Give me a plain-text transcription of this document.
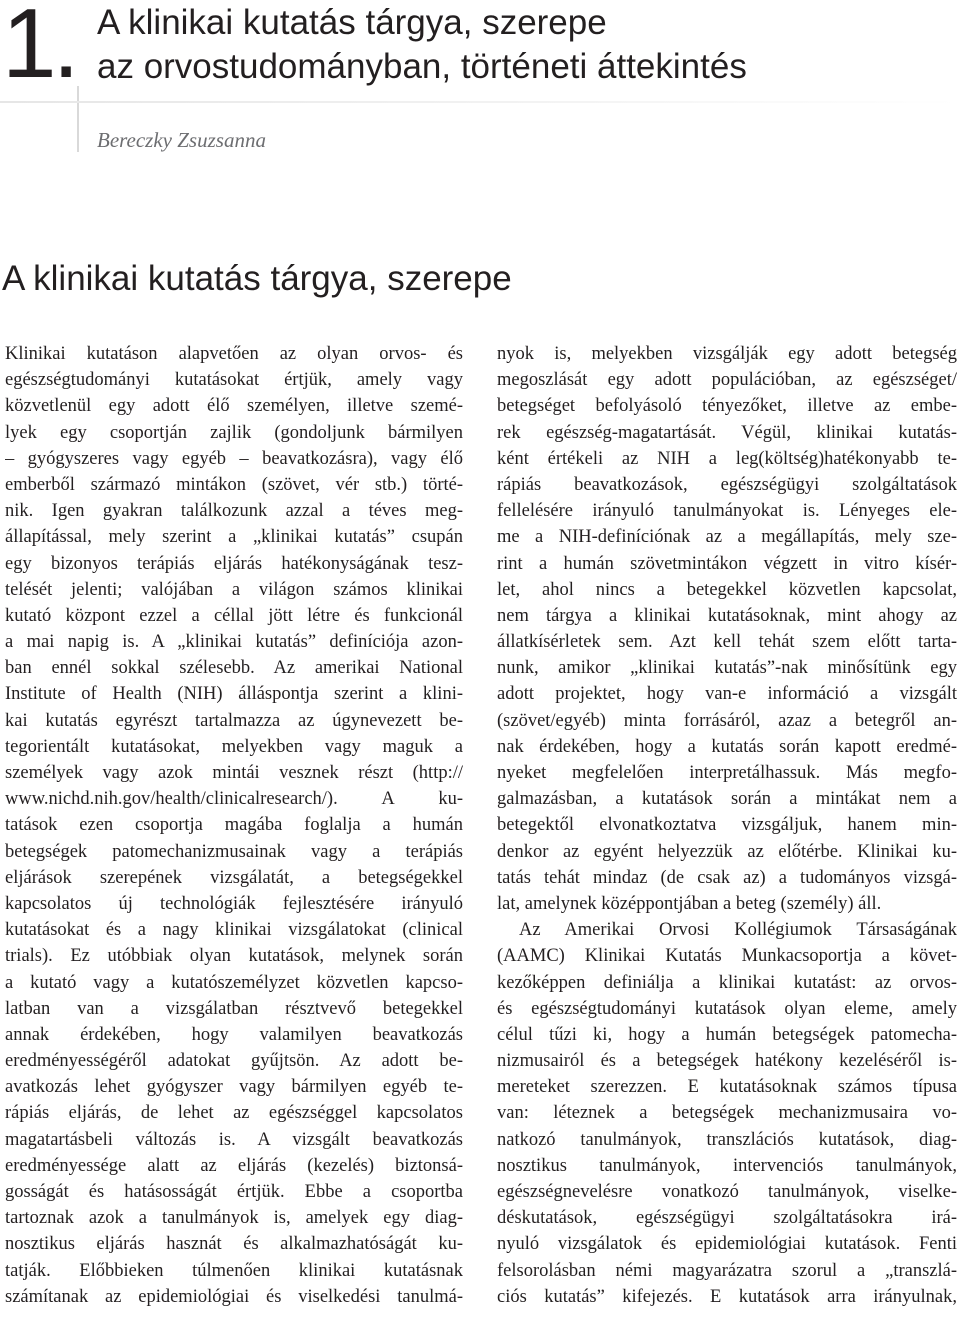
1. A klinikai kutatás tárgya, szerepe
az orvostudományban, történeti áttekintés
Bereczky Zsuzsanna
A klinikai kutatás tárgya, szerepe
Klinikai kutatáson alapvetően az olyan orvos- és
egészségtudományi kutatásokat értjük, amely vagy
közvetlenül egy adott élő személyen, illetve szemé-
lyek egy csoportján zajlik (gondoljunk bármilyen
– gyógyszeres vagy egyéb – beavatkozásra), vagy élő
emberből származó mintákon (szövet, vér stb.) törté-
nik. Igen gyakran találkozunk azzal a téves meg-
állapítással, mely szerint a „klinikai kutatás” csupán
egy bizonyos terápiás eljárás hatékonyságának tesz-
telését jelenti; valójában a világon számos klinikai
kutató központ ezzel a céllal jött létre és funkcionál
a mai napig is. A „klinikai kutatás” definíciója azon-
ban ennél sokkal szélesebb. Az amerikai National
Institute of Health (NIH) álláspontja szerint a klini-
kai kutatás egyrészt tartalmazza az úgynevezett be-
tegorientált kutatásokat, melyekben vagy maguk a
személyek vagy azok mintái vesznek részt (http://
www.nichd.nih.gov/health/clinicalresearch/). A ku-
tatások ezen csoportja magába foglalja a humán
betegségek patomechanizmusainak vagy a terápiás
eljárások szerepének vizsgálatát, a betegségekkel
kapcsolatos új technológiák fejlesztésére irányuló
kutatásokat és a nagy klinikai vizsgálatokat (clinical
trials). Ez utóbbiak olyan kutatások, melynek során
a kutató vagy a kutatószemélyzet közvetlen kapcso-
latban van a vizsgálatban résztvevő betegekkel
annak érdekében, hogy valamilyen beavatkozás
eredményességéről adatokat gyűjtsön. Az adott be-
avatkozás lehet gyógyszer vagy bármilyen egyéb te-
rápiás eljárás, de lehet az egészséggel kapcsolatos
magatartásbeli változás is. A vizsgált beavatkozás
eredményessége alatt az eljárás (kezelés) biztonsá-
gosságát és hatásosságát értjük. Ebbe a csoportba
tartoznak azok a tanulmányok is, amelyek egy diag-
nosztikus eljárás hasznát és alkalmazhatóságát ku-
tatják. Előbbieken túlmenően klinikai kutatásnak
számítanak az epidemiológiai és viselkedési tanulmá-
nyok is, melyekben vizsgálják egy adott betegség
megoszlását egy adott populációban, az egészséget/
betegséget befolyásoló tényezőket, illetve az embe-
rek egészség-magatartását. Végül, klinikai kutatás-
ként értékeli az NIH a leg(költség)hatékonyabb te-
rápiás beavatkozások, egészségügyi szolgáltatások
fellelésére irányuló tanulmányokat is. Lényeges ele-
me a NIH-definíciónak az a megállapítás, mely sze-
rint a humán szövetmintákon végzett in vitro kísér-
let, ahol nincs a betegekkel közvetlen kapcsolat,
nem tárgya a klinikai kutatásoknak, mint ahogy az
állatkísérletek sem. Azt kell tehát szem előtt tarta-
nunk, amikor „klinikai kutatás”-nak minősítünk egy
adott projektet, hogy van-e információ a vizsgált
(szövet/egyéb) minta forrásáról, azaz a betegről an-
nak érdekében, hogy a kutatás során kapott eredmé-
nyeket megfelelően interpretálhassuk. Más megfo-
galmazásban, a kutatások során a mintákat nem a
betegektől elvonatkoztatva vizsgáljuk, hanem min-
denkor az egyént helyezzük az előtérbe. Klinikai ku-
tatás tehát mindaz (de csak az) a tudományos vizsgá-
lat, amelynek középpontjában a beteg (személy) áll.
Az Amerikai Orvosi Kollégiumok Társaságának
(AAMC) Klinikai Kutatás Munkacsoportja a követ-
kezőképpen definiálja a klinikai kutatást: az orvos-
és egészségtudományi kutatások olyan eleme, amely
célul tűzi ki, hogy a humán betegségek patomecha-
nizmusairól és a betegségek hatékony kezeléséről is-
mereteket szerezzen. E kutatásoknak számos típusa
van: léteznek a betegségek mechanizmusaira vo-
natkozó tanulmányok, transzlációs kutatások, diag-
nosztikus tanulmányok, intervenciós tanulmányok,
egészségnevelésre vonatkozó tanulmányok, viselke-
déskutatások, egészségügyi szolgáltatásokra irá-
nyuló vizsgálatok és epidemiológiai kutatások. Fenti
felsorolásban némi magyarázatra szorul a „transzlá-
ciós kutatás” kifejezés. E kutatások arra irányulnak,
